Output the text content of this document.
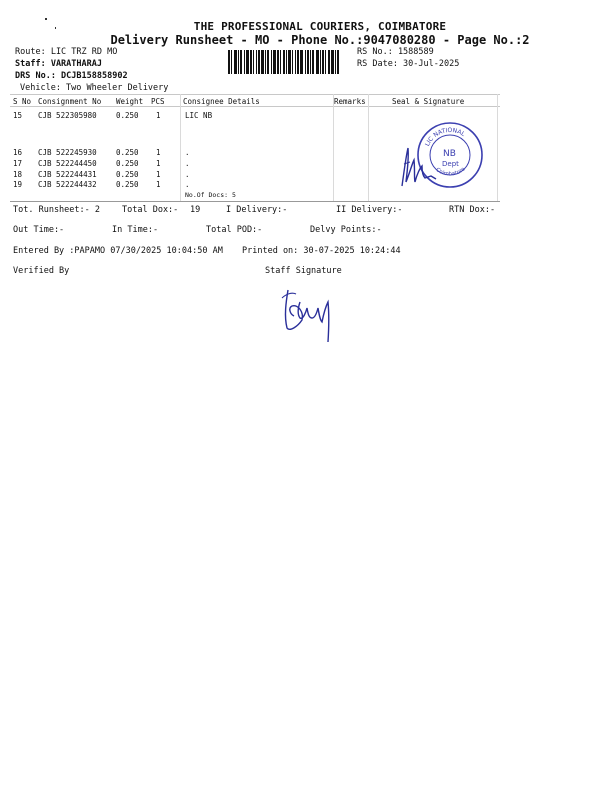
THE PROFESSIONAL COURIERS, COIMBATORE
Delivery Runsheet - MO - Phone No.:9047080280 - Page No.:2
Route: LIC TRZ RD MO
Staff: VARATHARAJ
DRS No.: DCJB158858902
Vehicle: Two Wheeler Delivery
RS No.: 1588589
RS Date: 30-Jul-2025
S No Consignment No Weight PCS Consignee Details	Remarks	Seal & Signature
15 CJB 522305980	0.250 1	LIC NB
16 CJB 522245930	0.250 1	.
17 CJB 522244450	0.250 1	.
18 CJB 522244431	0.250 1	.
19 CJB 522244432	0.250 1	.
No.Of Docs: 5
LIC NATIONAL
NB
Dept
Coimbatore
Tot. Runsheet:- 2	Total Dox:- 19	I Delivery:-	II Delivery:-	RTN Dox:-
Out Time:-	In Time:-	Total POD:-	Delvy Points:-
Entered By :PAPAMO 07/30/2025 10:04:50 AM Printed on: 30-07-2025 10:24:44
Verified By	Staff Signature
